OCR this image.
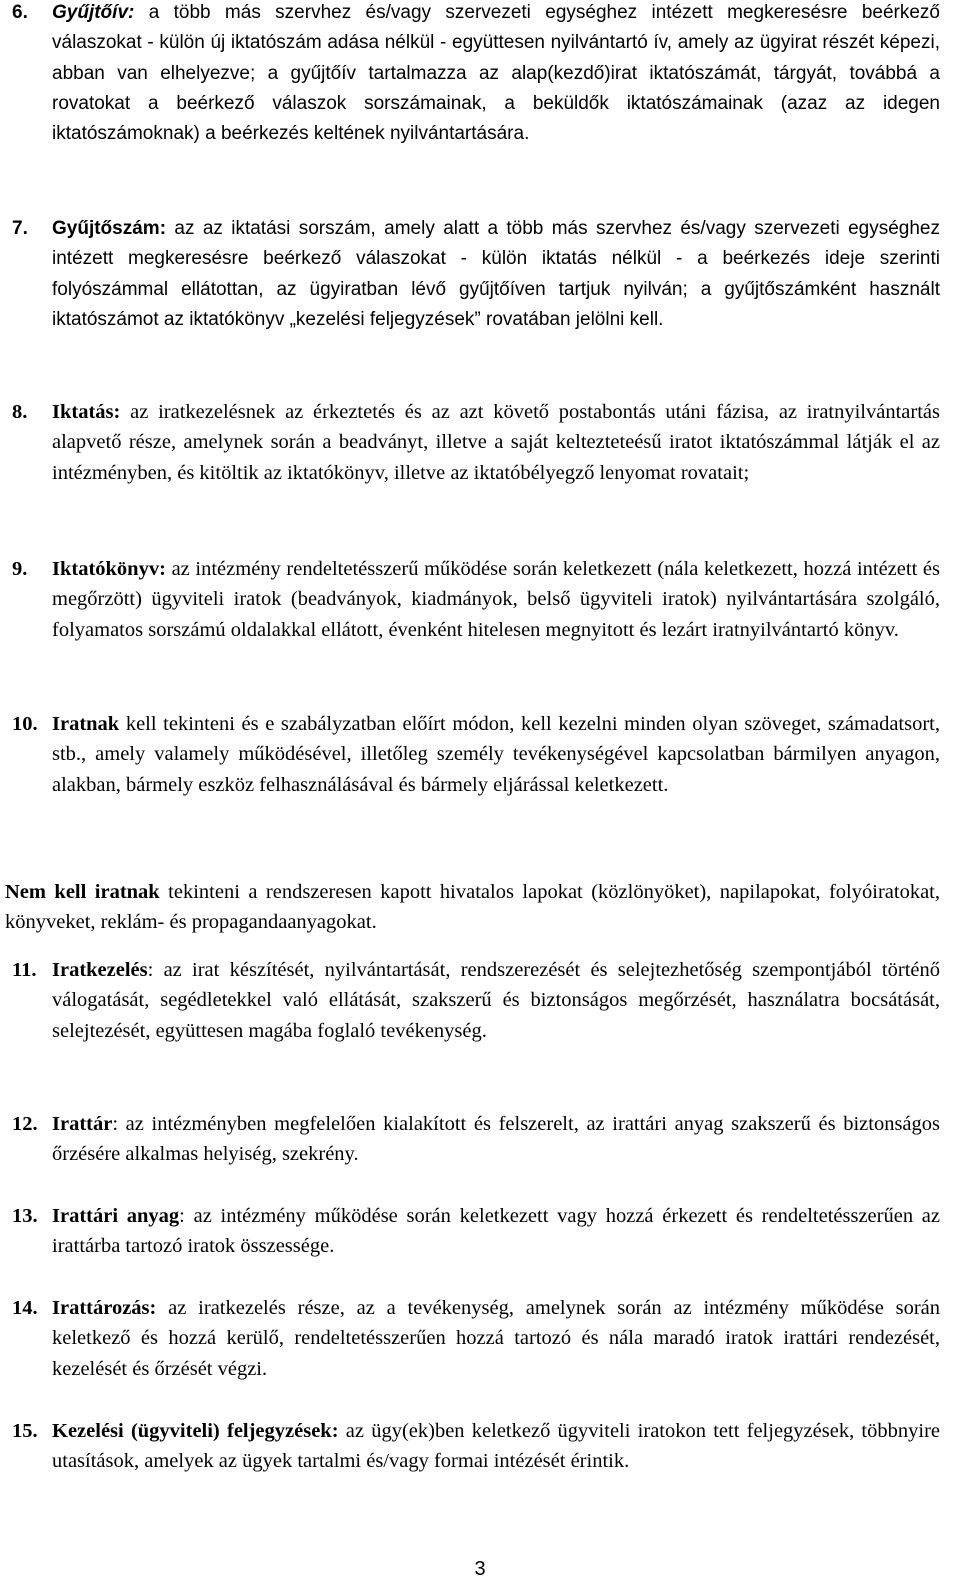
6. Gyűjtőív: a több más szervhez és/vagy szervezeti egységhez intézett megkeresésre beérkező válaszokat - külön új iktatószám adása nélkül - együttesen nyilvántartó ív, amely az ügyirat részét képezi, abban van elhelyezve; a gyűjtőív tartalmazza az alap(kezdő)irat iktatószámát, tárgyát, továbbá a rovatokat a beérkező válaszok sorszámainak, a beküldők iktatószámainak (azaz az idegen iktatószámoknak) a beérkezés keltének nyilvántartására.
7. Gyűjtőszám: az az iktatási sorszám, amely alatt a több más szervhez és/vagy szervezeti egységhez intézett megkeresésre beérkező válaszokat - külön iktatás nélkül - a beérkezés ideje szerinti folyószámmal ellátottan, az ügyiratban lévő gyűjtőíven tartjuk nyilván; a gyűjtőszámként használt iktatószámot az iktatókönyv „kezelési feljegyzések” rovatában jelölni kell.
8. Iktatás: az iratkezelésnek az érkeztetés és az azt követő postabontás utáni fázisa, az iratnyilvántartás alapvető része, amelynek során a beadványt, illetve a saját keltezteteésű iratot iktatószámmal látják el az intézményben, és kitöltik az iktatókönyv, illetve az iktatóbélyegző lenyomat rovatait;
9. Iktatókönyv: az intézmény rendeltetésszerű működése során keletkezett (nála keletkezett, hozzá intézett és megőrzött) ügyviteli iratok (beadványok, kiadmányok, belső ügyviteli iratok) nyilvántartására szolgáló, folyamatos sorszámú oldalakkal ellátott, évenként hitelesen megnyitott és lezárt iratnyilvántartó könyv.
10. Iratnak kell tekinteni és e szabályzatban előírt módon, kell kezelni minden olyan szöveget, számadatsort, stb., amely valamely működésével, illetőleg személy tevékenységével kapcsolatban bármilyen anyagon, alakban, bármely eszköz felhasználásával és bármely eljárással keletkezett.
Nem kell iratnak tekinteni a rendszeresen kapott hivatalos lapokat (közlönyöket), napilapokat, folyóiratokat, könyveket, reklám- és propagandaanyagokat.
11. Iratkezelés: az irat készítését, nyilvántartását, rendszerezését és selejtezhetőség szempontjából történő válogatását, segédletekkel való ellátását, szakszerű és biztonságos megőrzését, használatra bocsátását, selejtezését, együttesen magába foglaló tevékenység.
12. Irattár: az intézményben megfelelően kialakított és felszerelt, az irattári anyag szakszerű és biztonságos őrzésére alkalmas helyiség, szekrény.
13. Irattári anyag: az intézmény működése során keletkezett vagy hozzá érkezett és rendeltetésszerűen az irattárba tartozó iratok összessége.
14. Irattározás: az iratkezelés része, az a tevékenység, amelynek során az intézmény működése során keletkező és hozzá kerülő, rendeltetésszerűen hozzá tartozó és nála maradó iratok irattári rendezését, kezelését és őrzését végzi.
15. Kezelési (ügyviteli) feljegyzések: az ügy(ek)ben keletkező ügyviteli iratokon tett feljegyzések, többnyire utasítások, amelyek az ügyek tartalmi és/vagy formai intézését érintik.
3
